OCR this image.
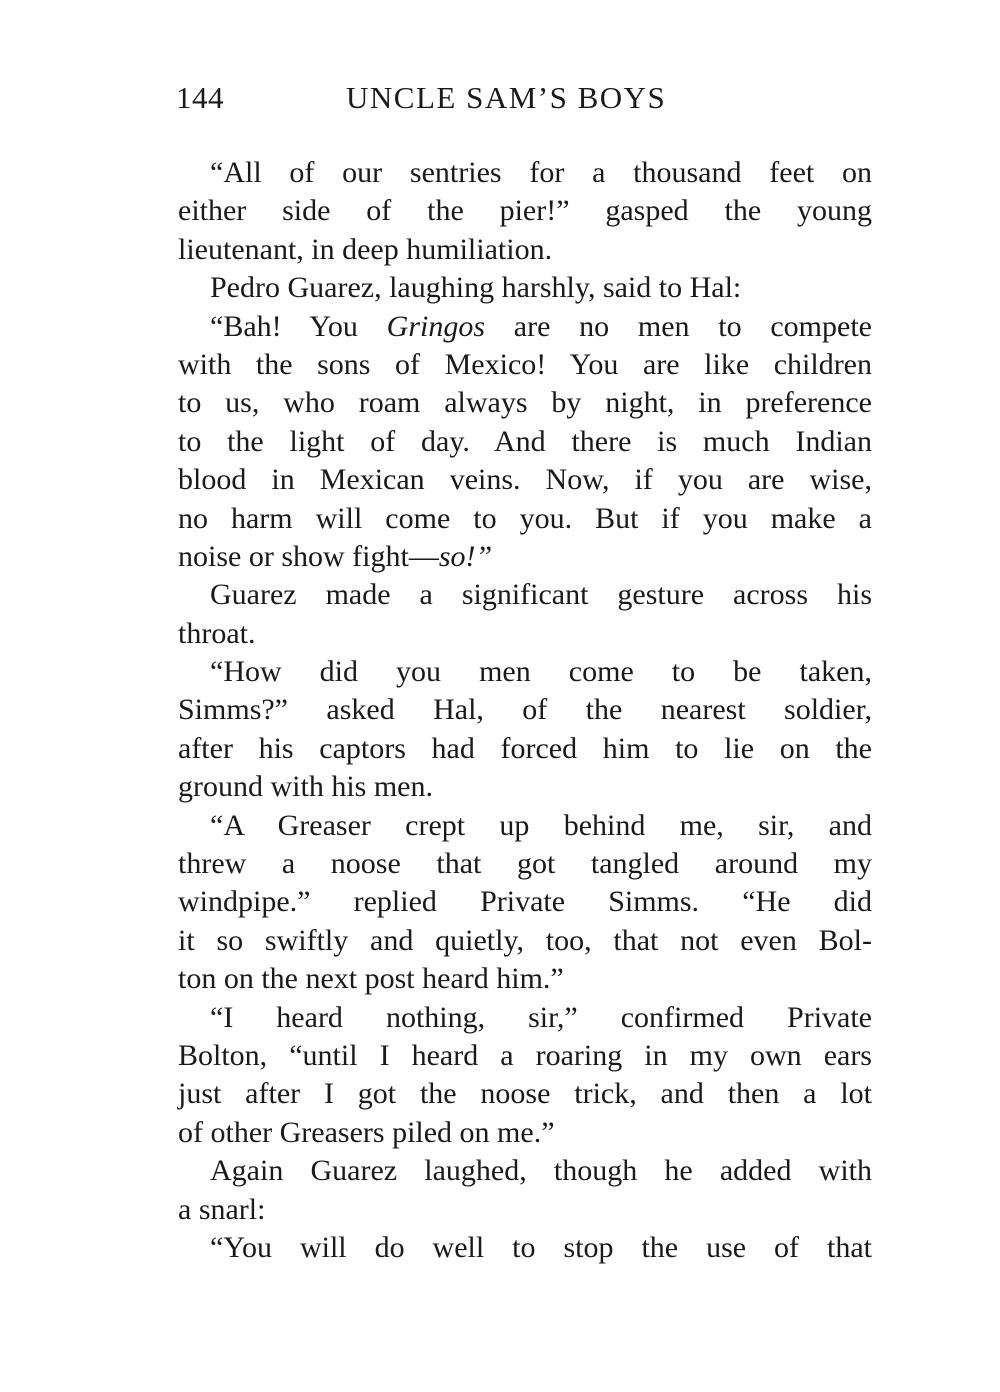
144	UNCLE SAM’S BOYS
“All of our sentries for a thousand feet on
either side of the pier!” gasped the young
lieutenant, in deep humiliation.
Pedro Guarez, laughing harshly, said to Hal:
“Bah! You Gringos are no men to compete
with the sons of Mexico! You are like children
to us, who roam always by night, in preference
to the light of day. And there is much Indian
blood in Mexican veins. Now, if you are wise,
no harm will come to you. But if you make a
noise or show fight—so!”
Guarez made a significant gesture across his
throat.
“How did you men come to be taken,
Simms?” asked Hal, of the nearest soldier,
after his captors had forced him to lie on the
ground with his men.
“A Greaser crept up behind me, sir, and
threw a noose that got tangled around my
windpipe.” replied Private Simms. “He did
it so swiftly and quietly, too, that not even Bol-
ton on the next post heard him.”
“I heard nothing, sir,” confirmed Private
Bolton, “until I heard a roaring in my own ears
just after I got the noose trick, and then a lot
of other Greasers piled on me.”
Again Guarez laughed, though he added with
a snarl:
“You will do well to stop the use of that
